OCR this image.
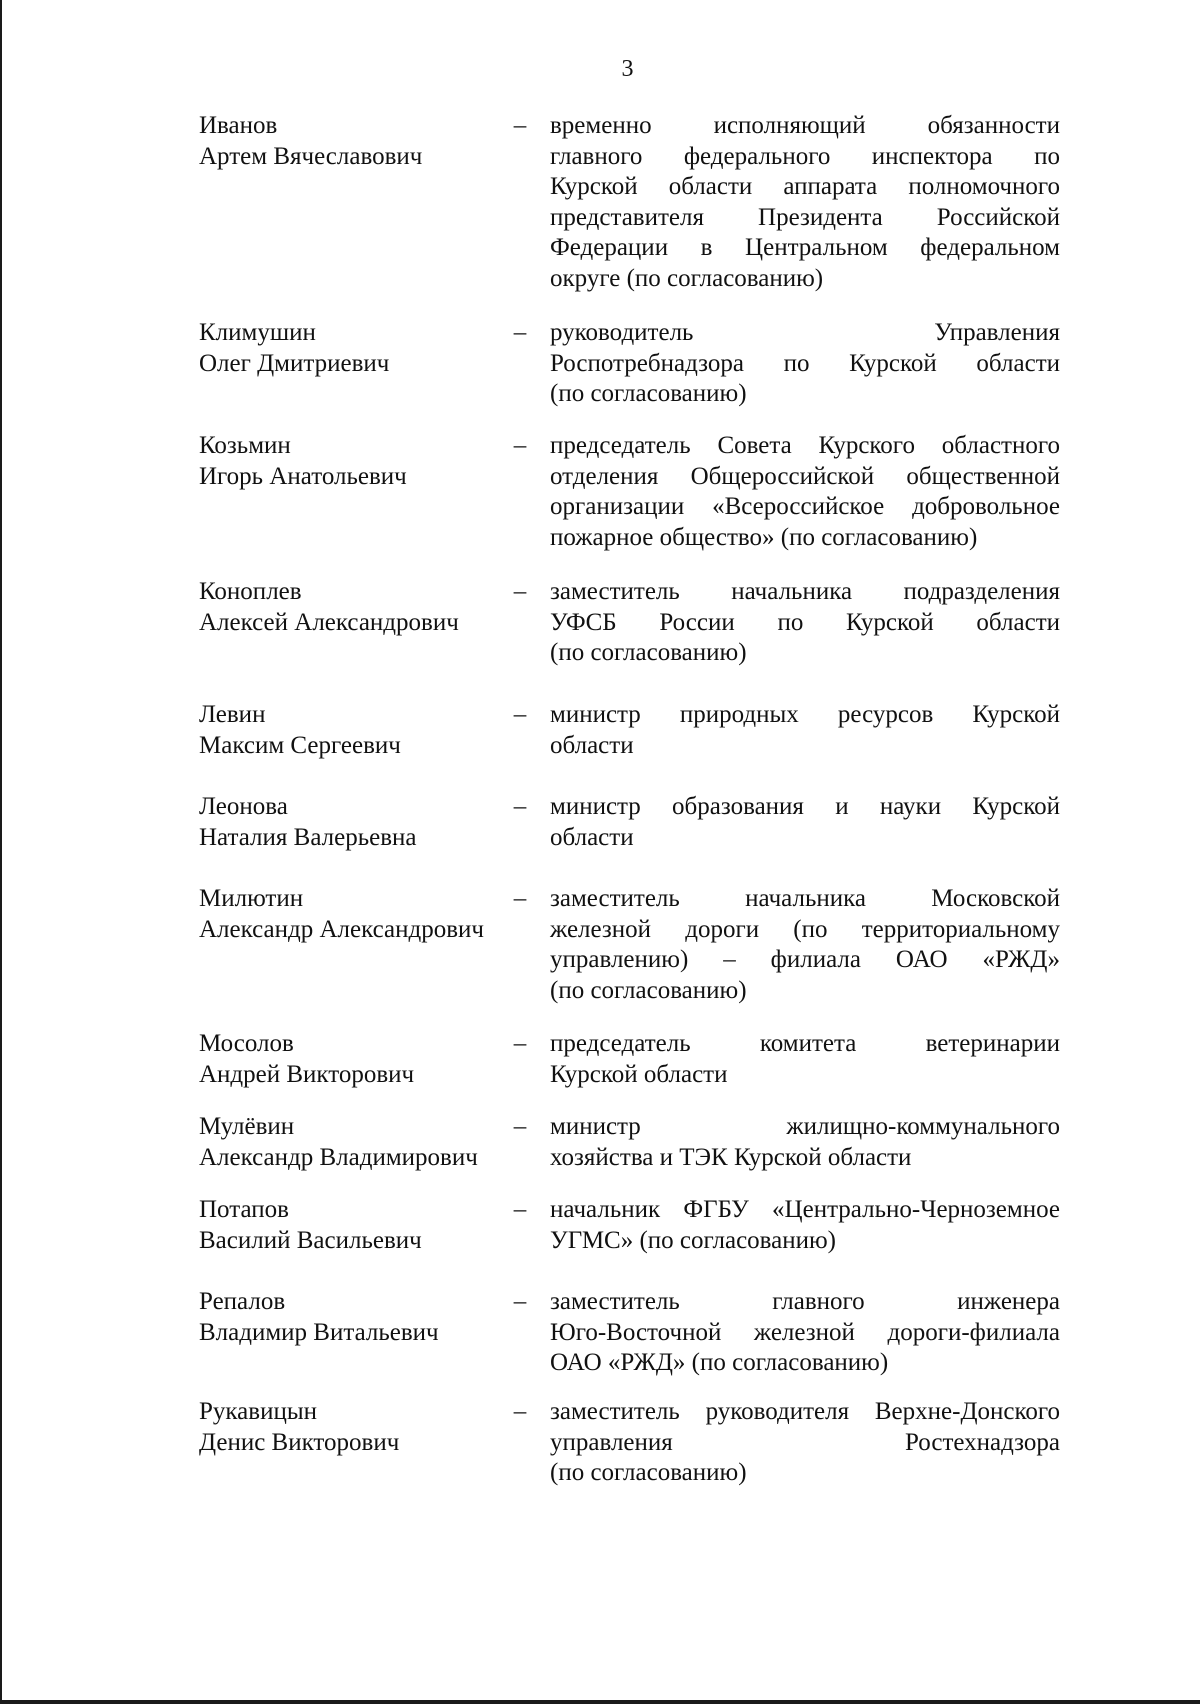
3
Иванов
Артем Вячеславович
– временно исполняющий обязанности
главного федерального инспектора по
Курской области аппарата полномочного
представителя Президента Российской
Федерации в Центральном федеральном
округе (по согласованию)
Климушин
Олег Дмитриевич
– руководитель Управления
Роспотребнадзора по Курской области
(по согласованию)
Козьмин
Игорь Анатольевич
– председатель Совета Курского областного
отделения Общероссийской общественной
организации «Всероссийское добровольное
пожарное общество» (по согласованию)
Коноплев
Алексей Александрович
– заместитель начальника подразделения
УФСБ России по Курской области
(по согласованию)
Левин
Максим Сергеевич
– министр природных ресурсов Курской
области
Леонова
Наталия Валерьевна
– министр образования и науки Курской
области
Милютин
Александр Александрович
– заместитель начальника Московской
железной дороги (по территориальному
управлению) – филиала ОАО «РЖД»
(по согласованию)
Мосолов
Андрей Викторович
– председатель комитета ветеринарии
Курской области
Мулёвин
Александр Владимирович
– министр жилищно-коммунального
хозяйства и ТЭК Курской области
Потапов
Василий Васильевич
– начальник ФГБУ «Центрально-Черноземное
УГМС» (по согласованию)
Репалов
Владимир Витальевич
– заместитель главного инженера
Юго-Восточной железной дороги-филиала
ОАО «РЖД» (по согласованию)
Рукавицын
Денис Викторович
– заместитель руководителя Верхне-Донского
управления Ростехнадзора
(по согласованию)
